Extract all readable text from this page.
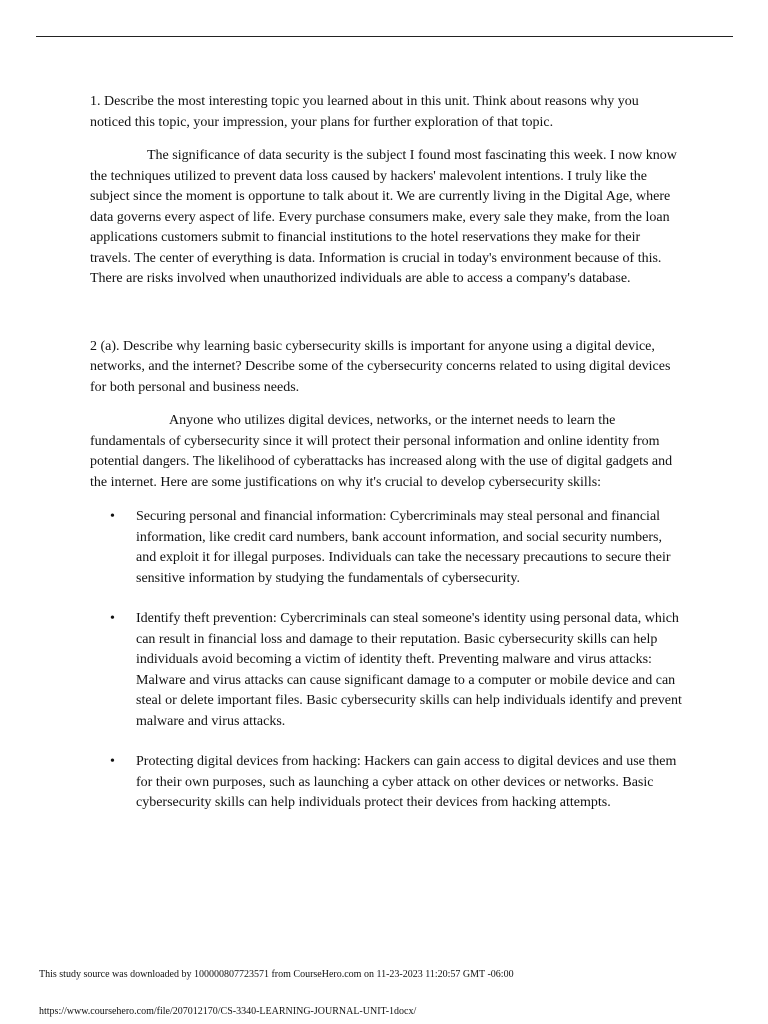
1. Describe the most interesting topic you learned about in this unit. Think about reasons why you noticed this topic, your impression, your plans for further exploration of that topic.

The significance of data security is the subject I found most fascinating this week. I now know the techniques utilized to prevent data loss caused by hackers' malevolent intentions. I truly like the subject since the moment is opportune to talk about it. We are currently living in the Digital Age, where data governs every aspect of life. Every purchase consumers make, every sale they make, from the loan applications customers submit to financial institutions to the hotel reservations they make for their travels. The center of everything is data. Information is crucial in today's environment because of this. There are risks involved when unauthorized individuals are able to access a company's database.

2 (a). Describe why learning basic cybersecurity skills is important for anyone using a digital device, networks, and the internet? Describe some of the cybersecurity concerns related to using digital devices for both personal and business needs.

Anyone who utilizes digital devices, networks, or the internet needs to learn the fundamentals of cybersecurity since it will protect their personal information and online identity from potential dangers. The likelihood of cyberattacks has increased along with the use of digital gadgets and the internet. Here are some justifications on why it's crucial to develop cybersecurity skills:

• Securing personal and financial information: Cybercriminals may steal personal and financial information, like credit card numbers, bank account information, and social security numbers, and exploit it for illegal purposes. Individuals can take the necessary precautions to secure their sensitive information by studying the fundamentals of cybersecurity.
• Identify theft prevention: Cybercriminals can steal someone's identity using personal data, which can result in financial loss and damage to their reputation. Basic cybersecurity skills can help individuals avoid becoming a victim of identity theft. Preventing malware and virus attacks: Malware and virus attacks can cause significant damage to a computer or mobile device and can steal or delete important files. Basic cybersecurity skills can help individuals identify and prevent malware and virus attacks.
• Protecting digital devices from hacking: Hackers can gain access to digital devices and use them for their own purposes, such as launching a cyber attack on other devices or networks. Basic cybersecurity skills can help individuals protect their devices from hacking attempts.
This study source was downloaded by 100000807723571 from CourseHero.com on 11-23-2023 11:20:57 GMT -06:00
https://www.coursehero.com/file/207012170/CS-3340-LEARNING-JOURNAL-UNIT-1docx/
